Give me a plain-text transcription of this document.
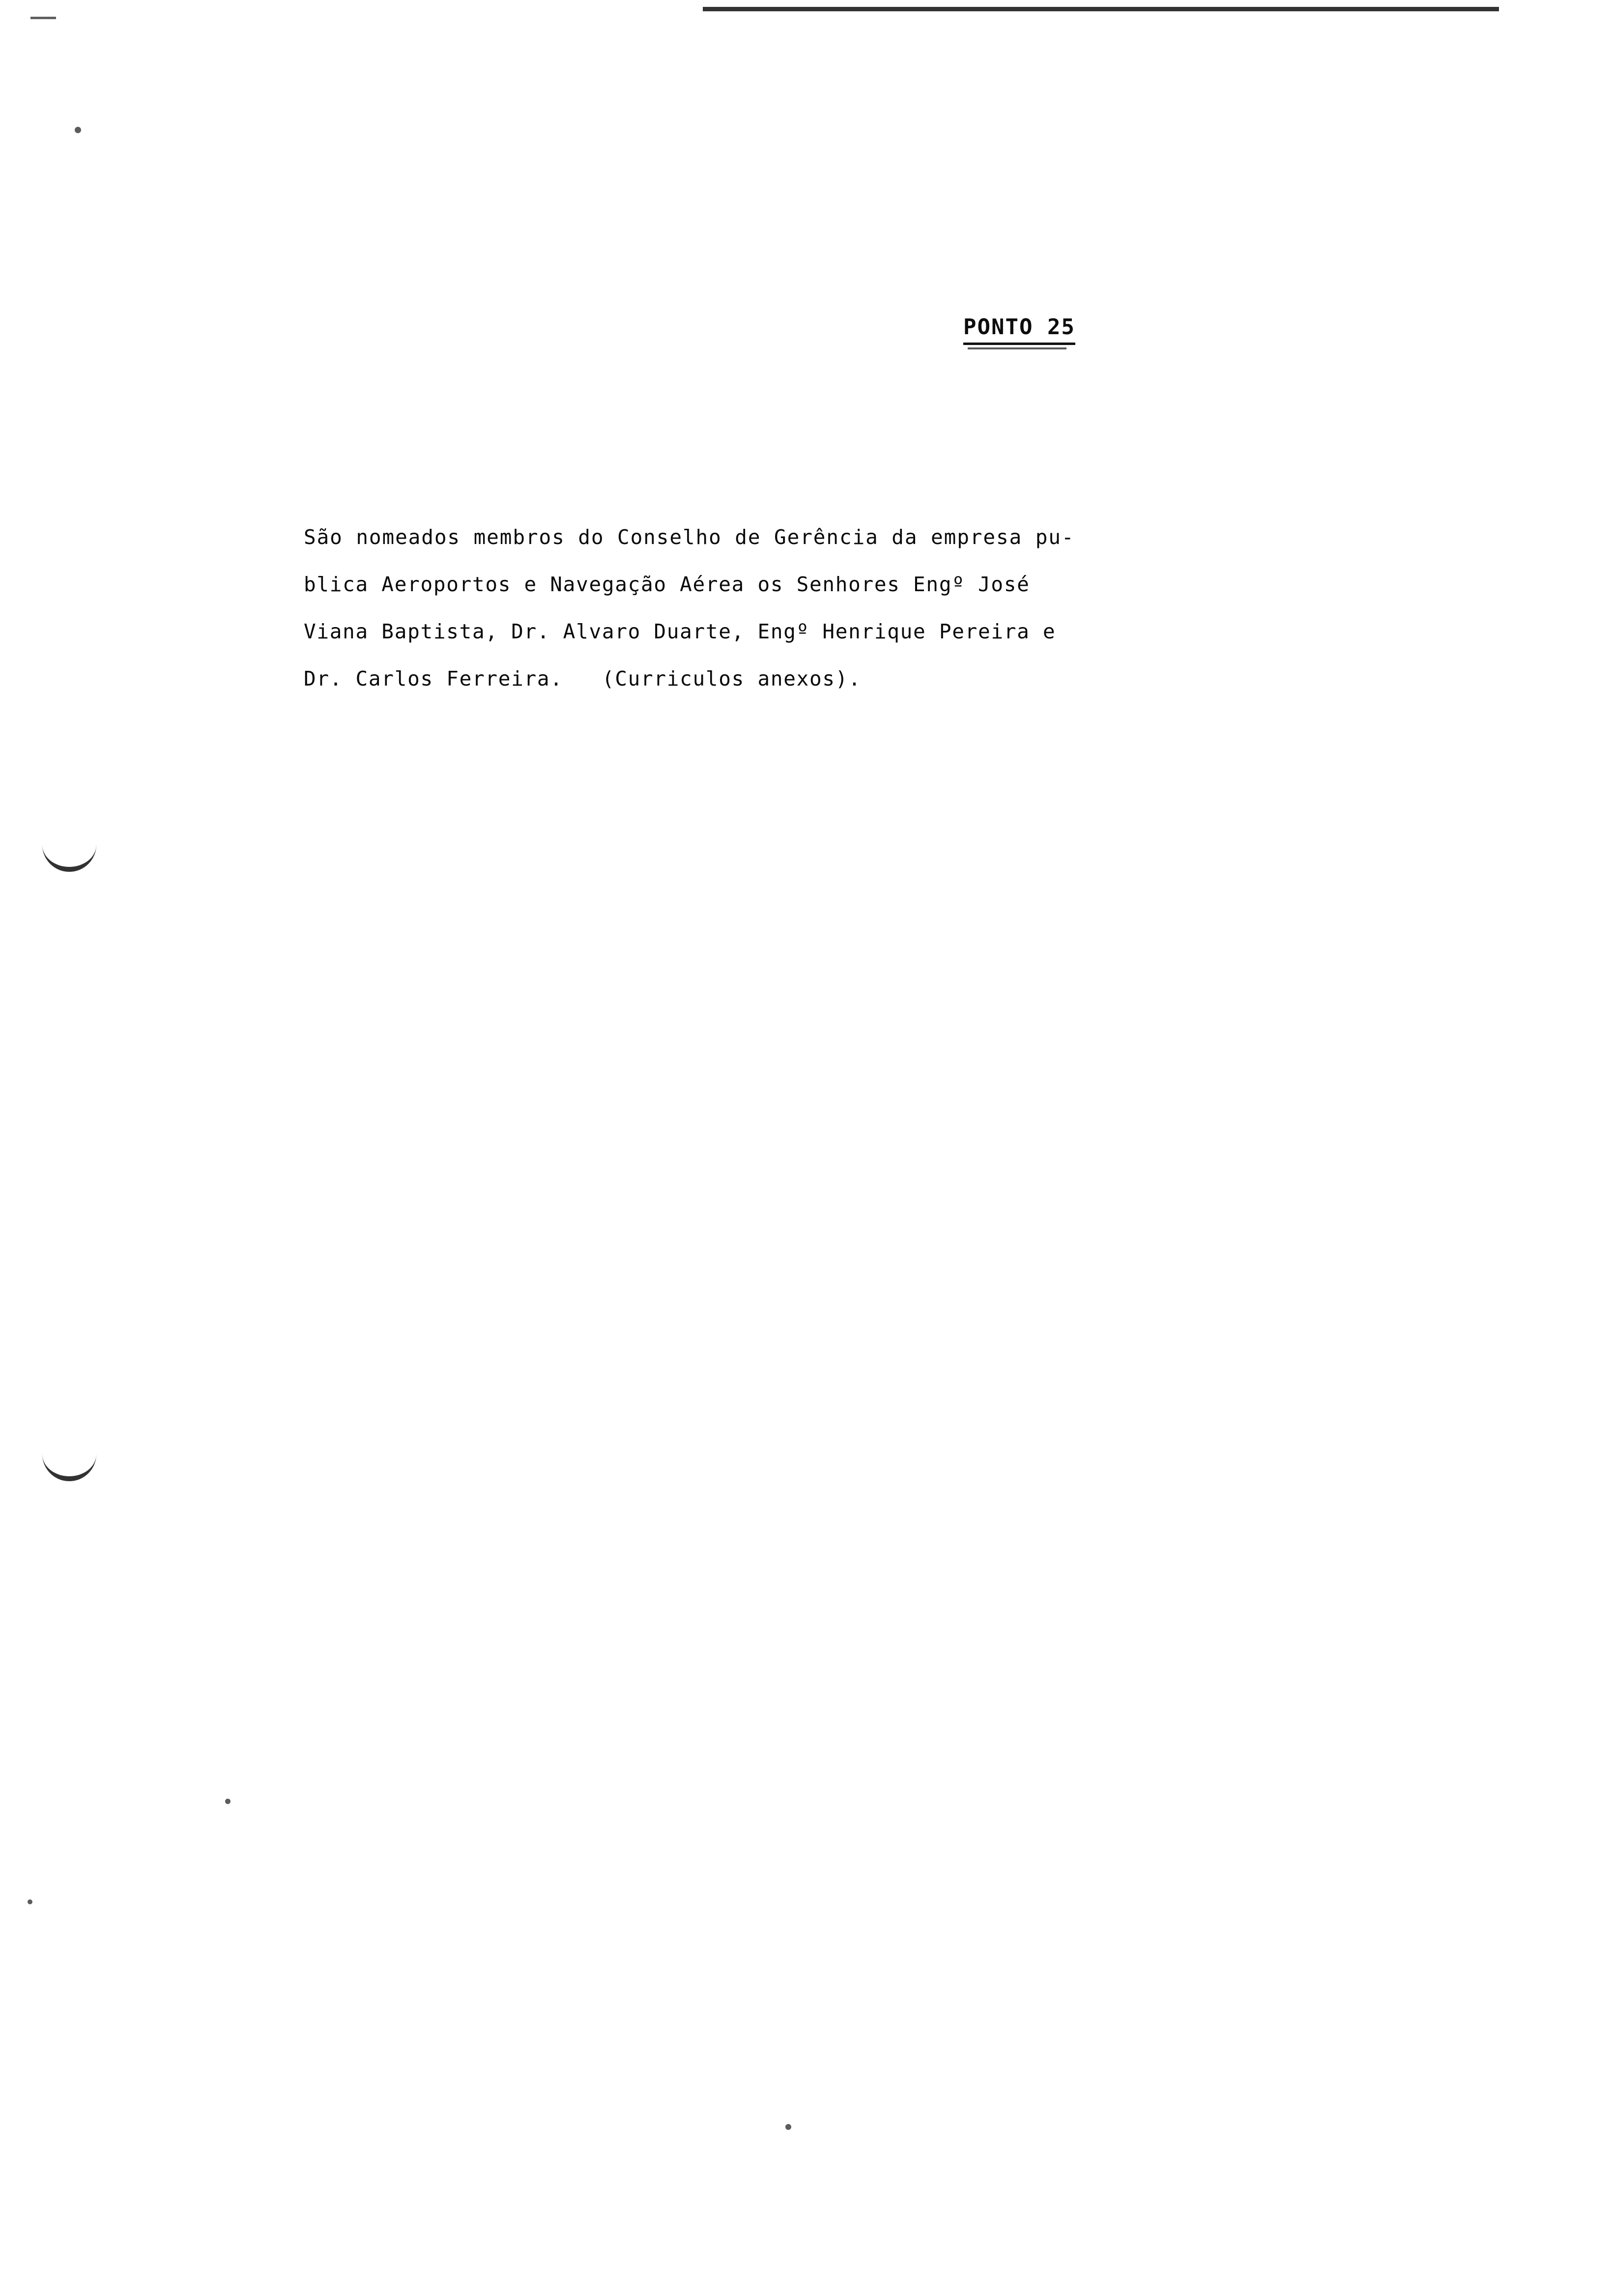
PONTO 25
São nomeados membros do Conselho de Gerência da empresa pu-
blica Aeroportos e Navegação Aérea os Senhores Engº José
Viana Baptista, Dr. Alvaro Duarte, Engº Henrique Pereira e
Dr. Carlos Ferreira.   (Curriculos anexos).
